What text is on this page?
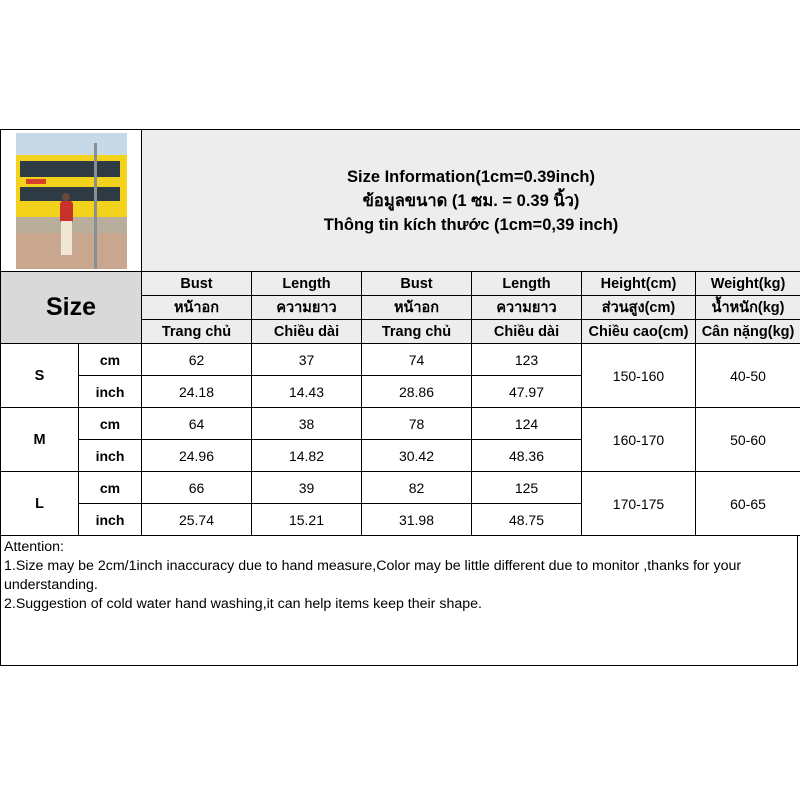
Size Information(1cm=0.39inch)
ข้อมูลขนาด (1 ซม. = 0.39 นิ้ว)
Thông tin kích thước (1cm=0,39 inch)					

Size		Bust	Length	Bust	Length	Height(cm)	Weight(kg)
		หน้าอก	ความยาว	หน้าอก	ความยาว	ส่วนสูง(cm)	น้ำหนัก(kg)
		Trang chủ	Chiều dài	Trang chủ	Chiều dài	Chiều cao(cm)	Cân nặng(kg)
S	cm	62	37	74	123	150-160	40-50
	inch	24.18	14.43	28.86	47.97		
M	cm	64	38	78	124	160-170	50-60
	inch	24.96	14.82	30.42	48.36		
L	cm	66	39	82	125	170-175	60-65
	inch	25.74	15.21	31.98	48.75		

Attention:

1.Size may be 2cm/1inch inaccuracy due to hand measure,Color may be little different due to monitor ,thanks for your understanding.

2.Suggestion of cold water hand washing,it can help items keep their shape.
